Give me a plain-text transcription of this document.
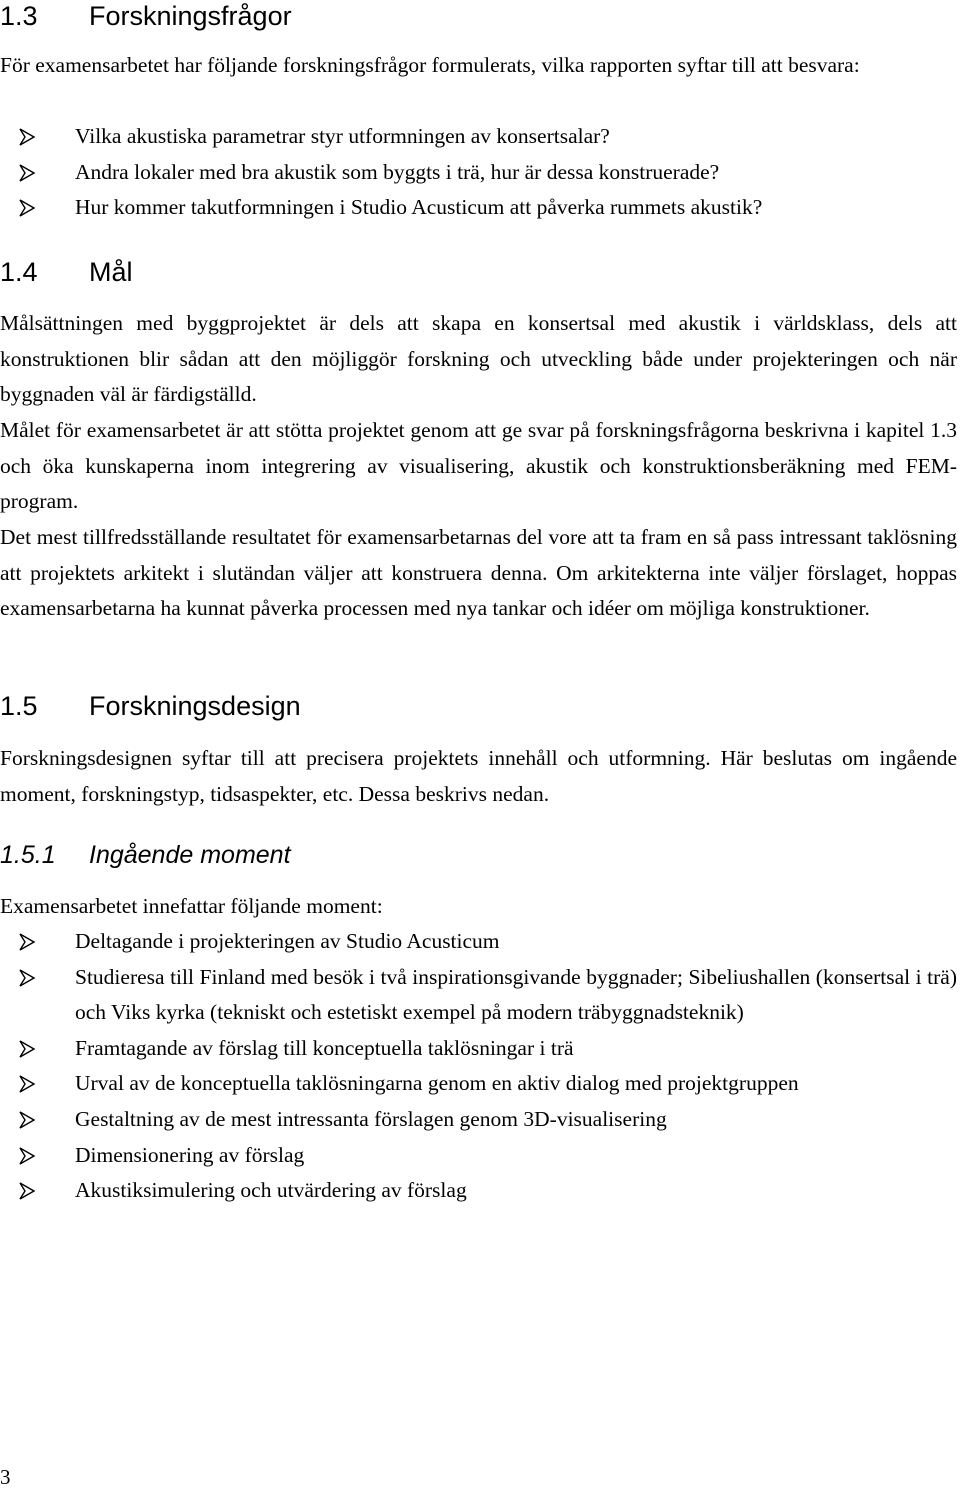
1.3 Forskningsfrågor

För examensarbetet har följande forskningsfrågor formulerats, vilka rapporten syftar till att besvara:

Vilka akustiska parametrar styr utformningen av konsertsalar?
Andra lokaler med bra akustik som byggts i trä, hur är dessa konstruerade?
Hur kommer takutformningen i Studio Acusticum att påverka rummets akustik?
1.4 Mål

Målsättningen med byggprojektet är dels att skapa en konsertsal med akustik i världsklass, dels att konstruktionen blir sådan att den möjliggör forskning och utveckling både under projekteringen och när byggnaden väl är färdigställd.

Målet för examensarbetet är att stötta projektet genom att ge svar på forskningsfrågorna beskrivna i kapitel 1.3 och öka kunskaperna inom integrering av visualisering, akustik och konstruktionsberäkning med FEM-program.

Det mest tillfredsställande resultatet för examensarbetarnas del vore att ta fram en så pass intressant taklösning att projektets arkitekt i slutändan väljer att konstruera denna. Om arkitekterna inte väljer förslaget, hoppas examensarbetarna ha kunnat påverka processen med nya tankar och idéer om möjliga konstruktioner.

1.5 Forskningsdesign

Forskningsdesignen syftar till att precisera projektets innehåll och utformning. Här beslutas om ingående moment, forskningstyp, tidsaspekter, etc. Dessa beskrivs nedan.

1.5.1 Ingående moment

Examensarbetet innefattar följande moment:

Deltagande i projekteringen av Studio Acusticum
Studieresa till Finland med besök i två inspirationsgivande byggnader; Sibeliushallen (konsertsal i trä) och Viks kyrka (tekniskt och estetiskt exempel på modern träbyggnadsteknik)
Framtagande av förslag till konceptuella taklösningar i trä
Urval av de konceptuella taklösningarna genom en aktiv dialog med projektgruppen
Gestaltning av de mest intressanta förslagen genom 3D-visualisering
Dimensionering av förslag
Akustiksimulering och utvärdering av förslag
3
